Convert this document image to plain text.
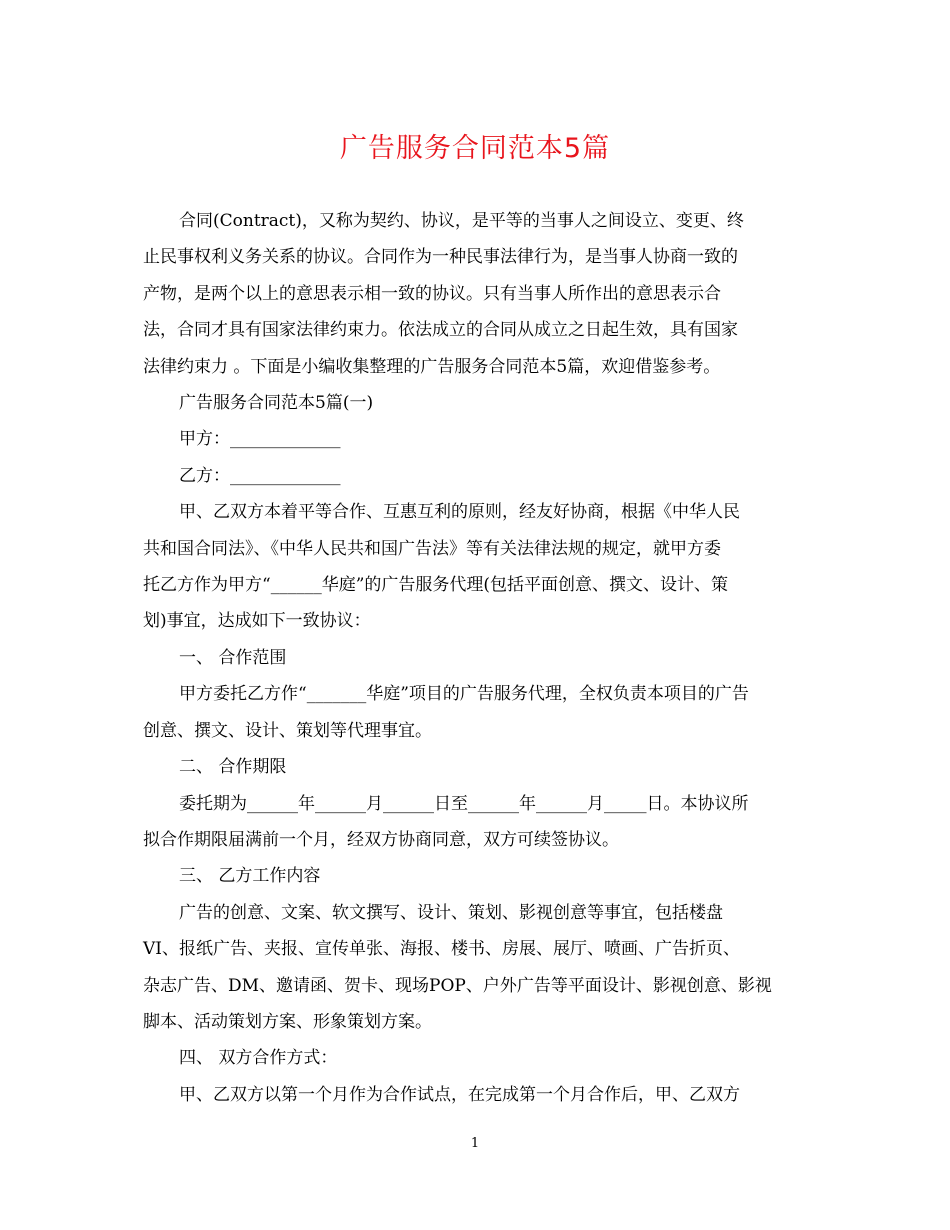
广告服务合同范本5篇
合同(Contract)，又称为契约、协议，是平等的当事人之间设立、变更、终
止民事权利义务关系的协议。合同作为一种民事法律行为，是当事人协商一致的
产物，是两个以上的意思表示相一致的协议。只有当事人所作出的意思表示合
法，合同才具有国家法律约束力。依法成立的合同从成立之日起生效，具有国家
法律约束力 。下面是小编收集整理的广告服务合同范本5篇，欢迎借鉴参考。
广告服务合同范本5篇(一)
甲方：_____________
乙方：_____________
甲、乙双方本着平等合作、互惠互利的原则，经友好协商，根据《中华人民
共和国合同法》、《中华人民共和国广告法》等有关法律法规的规定，就甲方委
托乙方作为甲方“______华庭”的广告服务代理(包括平面创意、撰文、设计、策
划)事宜，达成如下一致协议：
一、 合作范围
甲方委托乙方作“_______华庭”项目的广告服务代理，全权负责本项目的广告
创意、撰文、设计、策划等代理事宜。
二、 合作期限
委托期为______年______月______日至______年______月_____日。本协议所
拟合作期限届满前一个月，经双方协商同意，双方可续签协议。
三、 乙方工作内容
广告的创意、文案、软文撰写、设计、策划、影视创意等事宜，包括楼盘
VI、报纸广告、夹报、宣传单张、海报、楼书、房展、展厅、喷画、广告折页、
杂志广告、DM、邀请函、贺卡、现场POP、户外广告等平面设计、影视创意、影视
脚本、活动策划方案、形象策划方案。
四、 双方合作方式：
甲、乙双方以第一个月作为合作试点，在完成第一个月合作后，甲、乙双方
1
